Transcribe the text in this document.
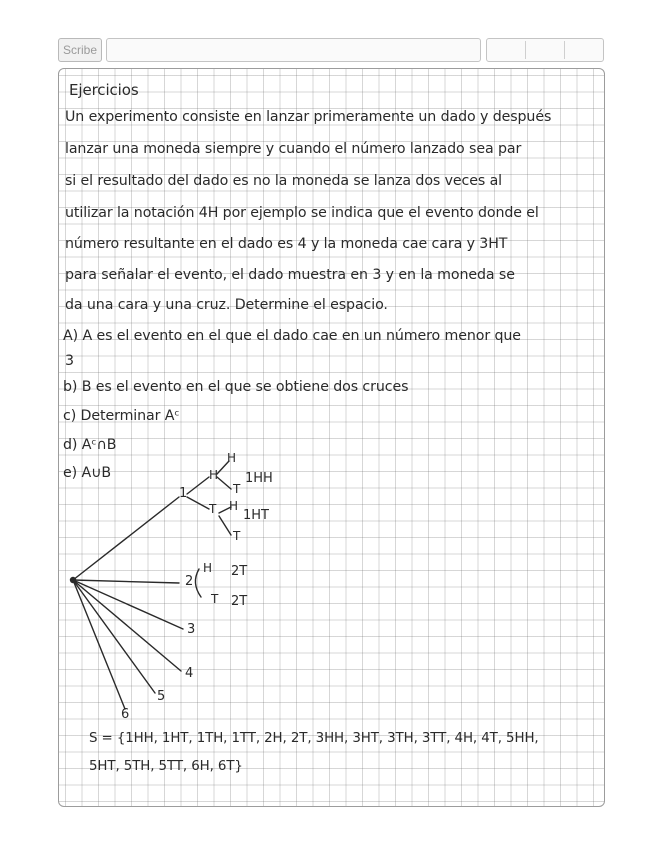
Scribe
Ejercicios
Un experimento consiste en lanzar primeramente un dado y después
lanzar una moneda siempre y cuando el número lanzado sea par
si el resultado del dado es no la moneda se lanza dos veces al
utilizar la notación 4H por ejemplo se indica que el evento donde el
número resultante en el dado es 4 y la moneda cae cara y 3HT
para señalar el evento, el dado muestra en 3 y en la moneda se
da una cara y una cruz. Determine el espacio.
A) A es el evento en el que el dado cae en un número menor que
3
b) B es el evento en el que se obtiene dos cruces
c) Determinar Aᶜ
d) Aᶜ∩B
e) A∪B
1
H
T
H
T
H
T
1HH
1HT
2
H
T
2T
2T
3
4
5
6
S = {1HH, 1HT, 1TH, 1TT, 2H, 2T, 3HH, 3HT, 3TH, 3TT, 4H, 4T, 5HH,
5HT, 5TH, 5TT, 6H, 6T}
